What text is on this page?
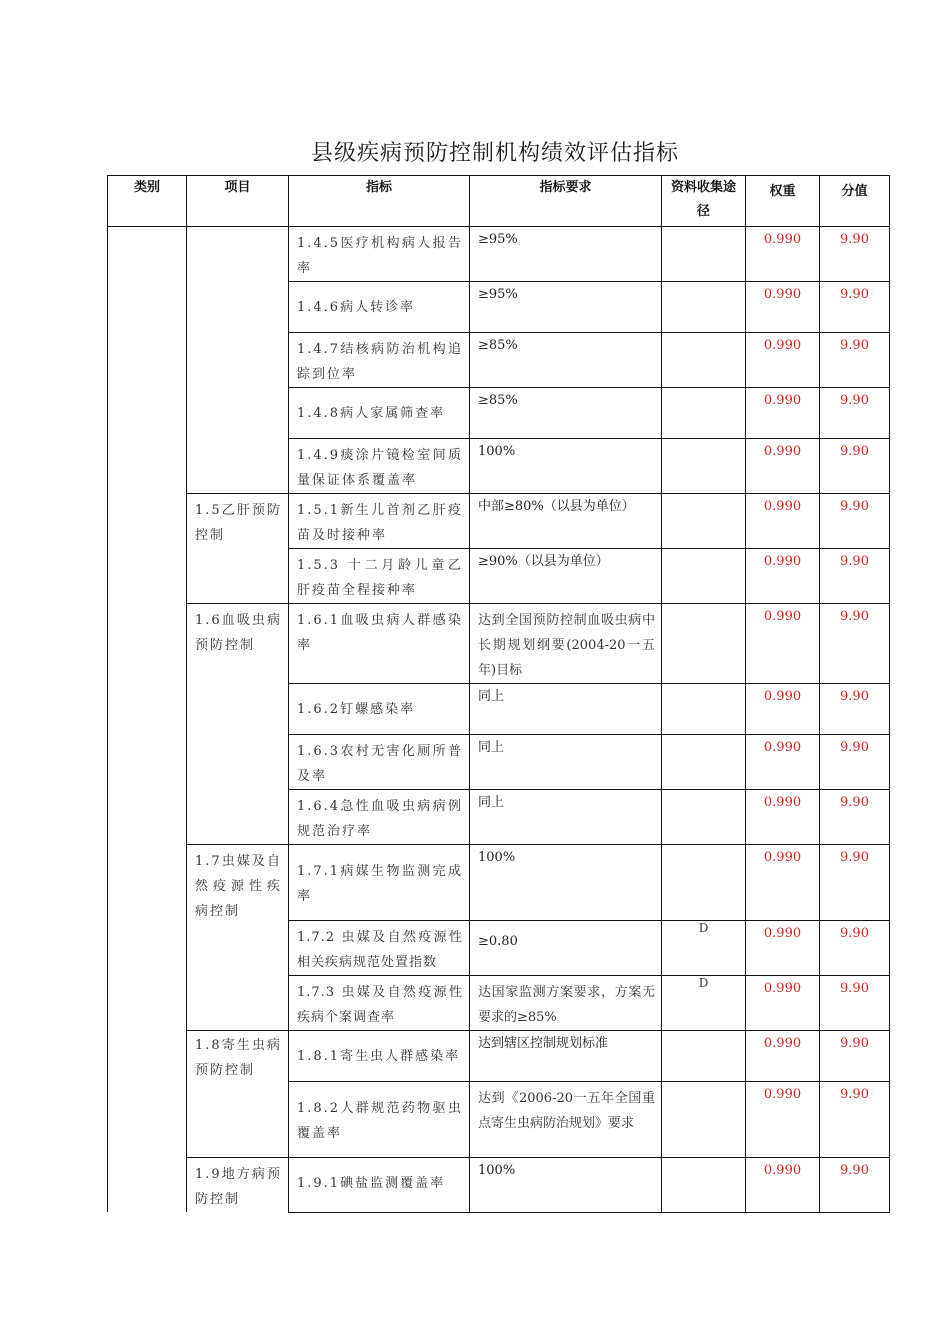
县级疾病预防控制机构绩效评估指标
类别	项目	指标	指标要求	资料收集途径	权重	分值

		1.4.5医疗机构病人报告率	≥95%		0.990	9.90

		1.4.6病人转诊率	≥95%		0.990	9.90

		1.4.7结核病防治机构追踪到位率	≥85%		0.990	9.90

		1.4.8病人家属筛查率	≥85%		0.990	9.90

		1.4.9痰涂片镜检室间质量保证体系覆盖率	100%		0.990	9.90

	1.5乙肝预防控制	1.5.1新生儿首剂乙肝疫苗及时接种率	中部≥80%（以县为单位）		0.990	9.90

		1.5.3 十二月龄儿童乙肝疫苗全程接种率	≥90%（以县为单位）		0.990	9.90

	1.6血吸虫病预防控制	1.6.1血吸虫病人群感染率	达到全国预防控制血吸虫病中长期规划纲要(2004-20一五年)目标		0.990	9.90

		1.6.2钉螺感染率	同上		0.990	9.90

		1.6.3农村无害化厕所普及率	同上		0.990	9.90

		1.6.4急性血吸虫病病例规范治疗率	同上		0.990	9.90

	1.7虫媒及自然疫源性疾病控制	1.7.1病媒生物监测完成率	100%		0.990	9.90

		1.7.2 虫媒及自然疫源性相关疾病规范处置指数	≥0.80	D	0.990	9.90

		1.7.3 虫媒及自然疫源性疾病个案调查率	达国家监测方案要求，方案无要求的≥85%	D	0.990	9.90

	1.8寄生虫病预防控制	1.8.1寄生虫人群感染率	达到辖区控制规划标准		0.990	9.90

		1.8.2人群规范药物驱虫覆盖率	达到《2006-20一五年全国重点寄生虫病防治规划》要求		0.990	9.90

	1.9地方病预防控制	1.9.1碘盐监测覆盖率	100%		0.990	9.90
